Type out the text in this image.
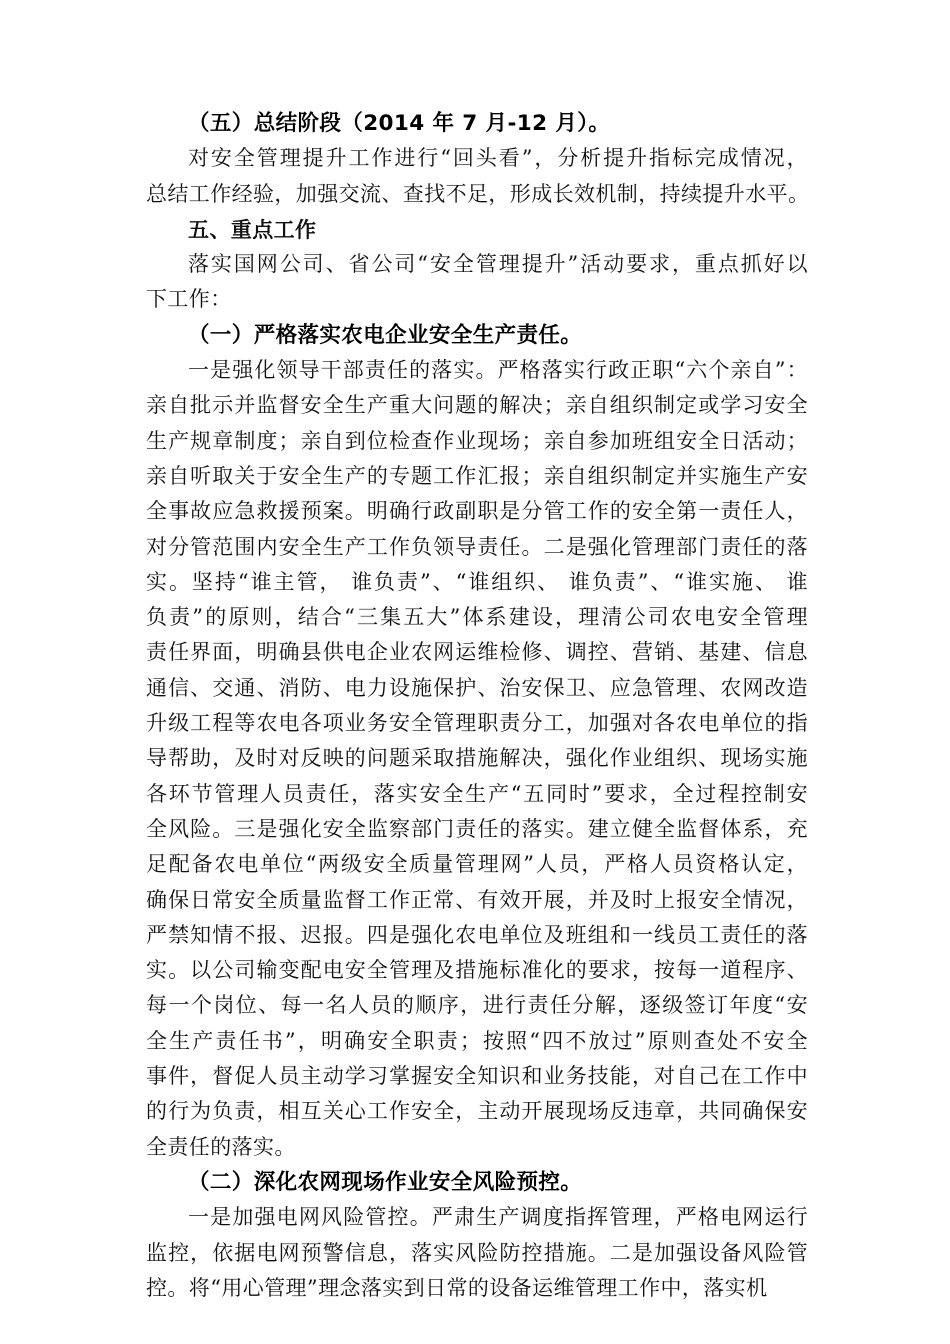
（五）总结阶段（2014 年 7 月-12 月）。

对安全管理提升工作进行“回头看”，分析提升指标完成情况，
总结工作经验，加强交流、查找不足，形成长效机制，持续提升水平。

五、重点工作

落实国网公司、省公司“安全管理提升”活动要求，重点抓好以
下工作：

（一）严格落实农电企业安全生产责任。

一是强化领导干部责任的落实。严格落实行政正职“六个亲自”：
亲自批示并监督安全生产重大问题的解决；亲自组织制定或学习安全
生产规章制度；亲自到位检查作业现场；亲自参加班组安全日活动；
亲自听取关于安全生产的专题工作汇报；亲自组织制定并实施生产安
全事故应急救援预案。明确行政副职是分管工作的安全第一责任人，
对分管范围内安全生产工作负领导责任。二是强化管理部门责任的落
实。坚持“谁主管， 谁负责”、“谁组织、 谁负责”、“谁实施、 谁
负责”的原则，结合“三集五大”体系建设，理清公司农电安全管理
责任界面，明确县供电企业农网运维检修、调控、营销、基建、信息
通信、交通、消防、电力设施保护、治安保卫、应急管理、农网改造
升级工程等农电各项业务安全管理职责分工，加强对各农电单位的指
导帮助，及时对反映的问题采取措施解决，强化作业组织、现场实施
各环节管理人员责任，落实安全生产“五同时”要求，全过程控制安
全风险。三是强化安全监察部门责任的落实。建立健全监督体系，充
足配备农电单位“两级安全质量管理网”人员，严格人员资格认定，
确保日常安全质量监督工作正常、有效开展，并及时上报安全情况，
严禁知情不报、迟报。四是强化农电单位及班组和一线员工责任的落
实。以公司输变配电安全管理及措施标准化的要求，按每一道程序、
每一个岗位、每一名人员的顺序，进行责任分解，逐级签订年度“安
全生产责任书”，明确安全职责；按照“四不放过”原则查处不安全
事件，督促人员主动学习掌握安全知识和业务技能，对自己在工作中
的行为负责，相互关心工作安全，主动开展现场反违章，共同确保安
全责任的落实。

（二）深化农网现场作业安全风险预控。

一是加强电网风险管控。严肃生产调度指挥管理，严格电网运行
监控，依据电网预警信息，落实风险防控措施。二是加强设备风险管
控。将“用心管理”理念落实到日常的设备运维管理工作中，落实机
